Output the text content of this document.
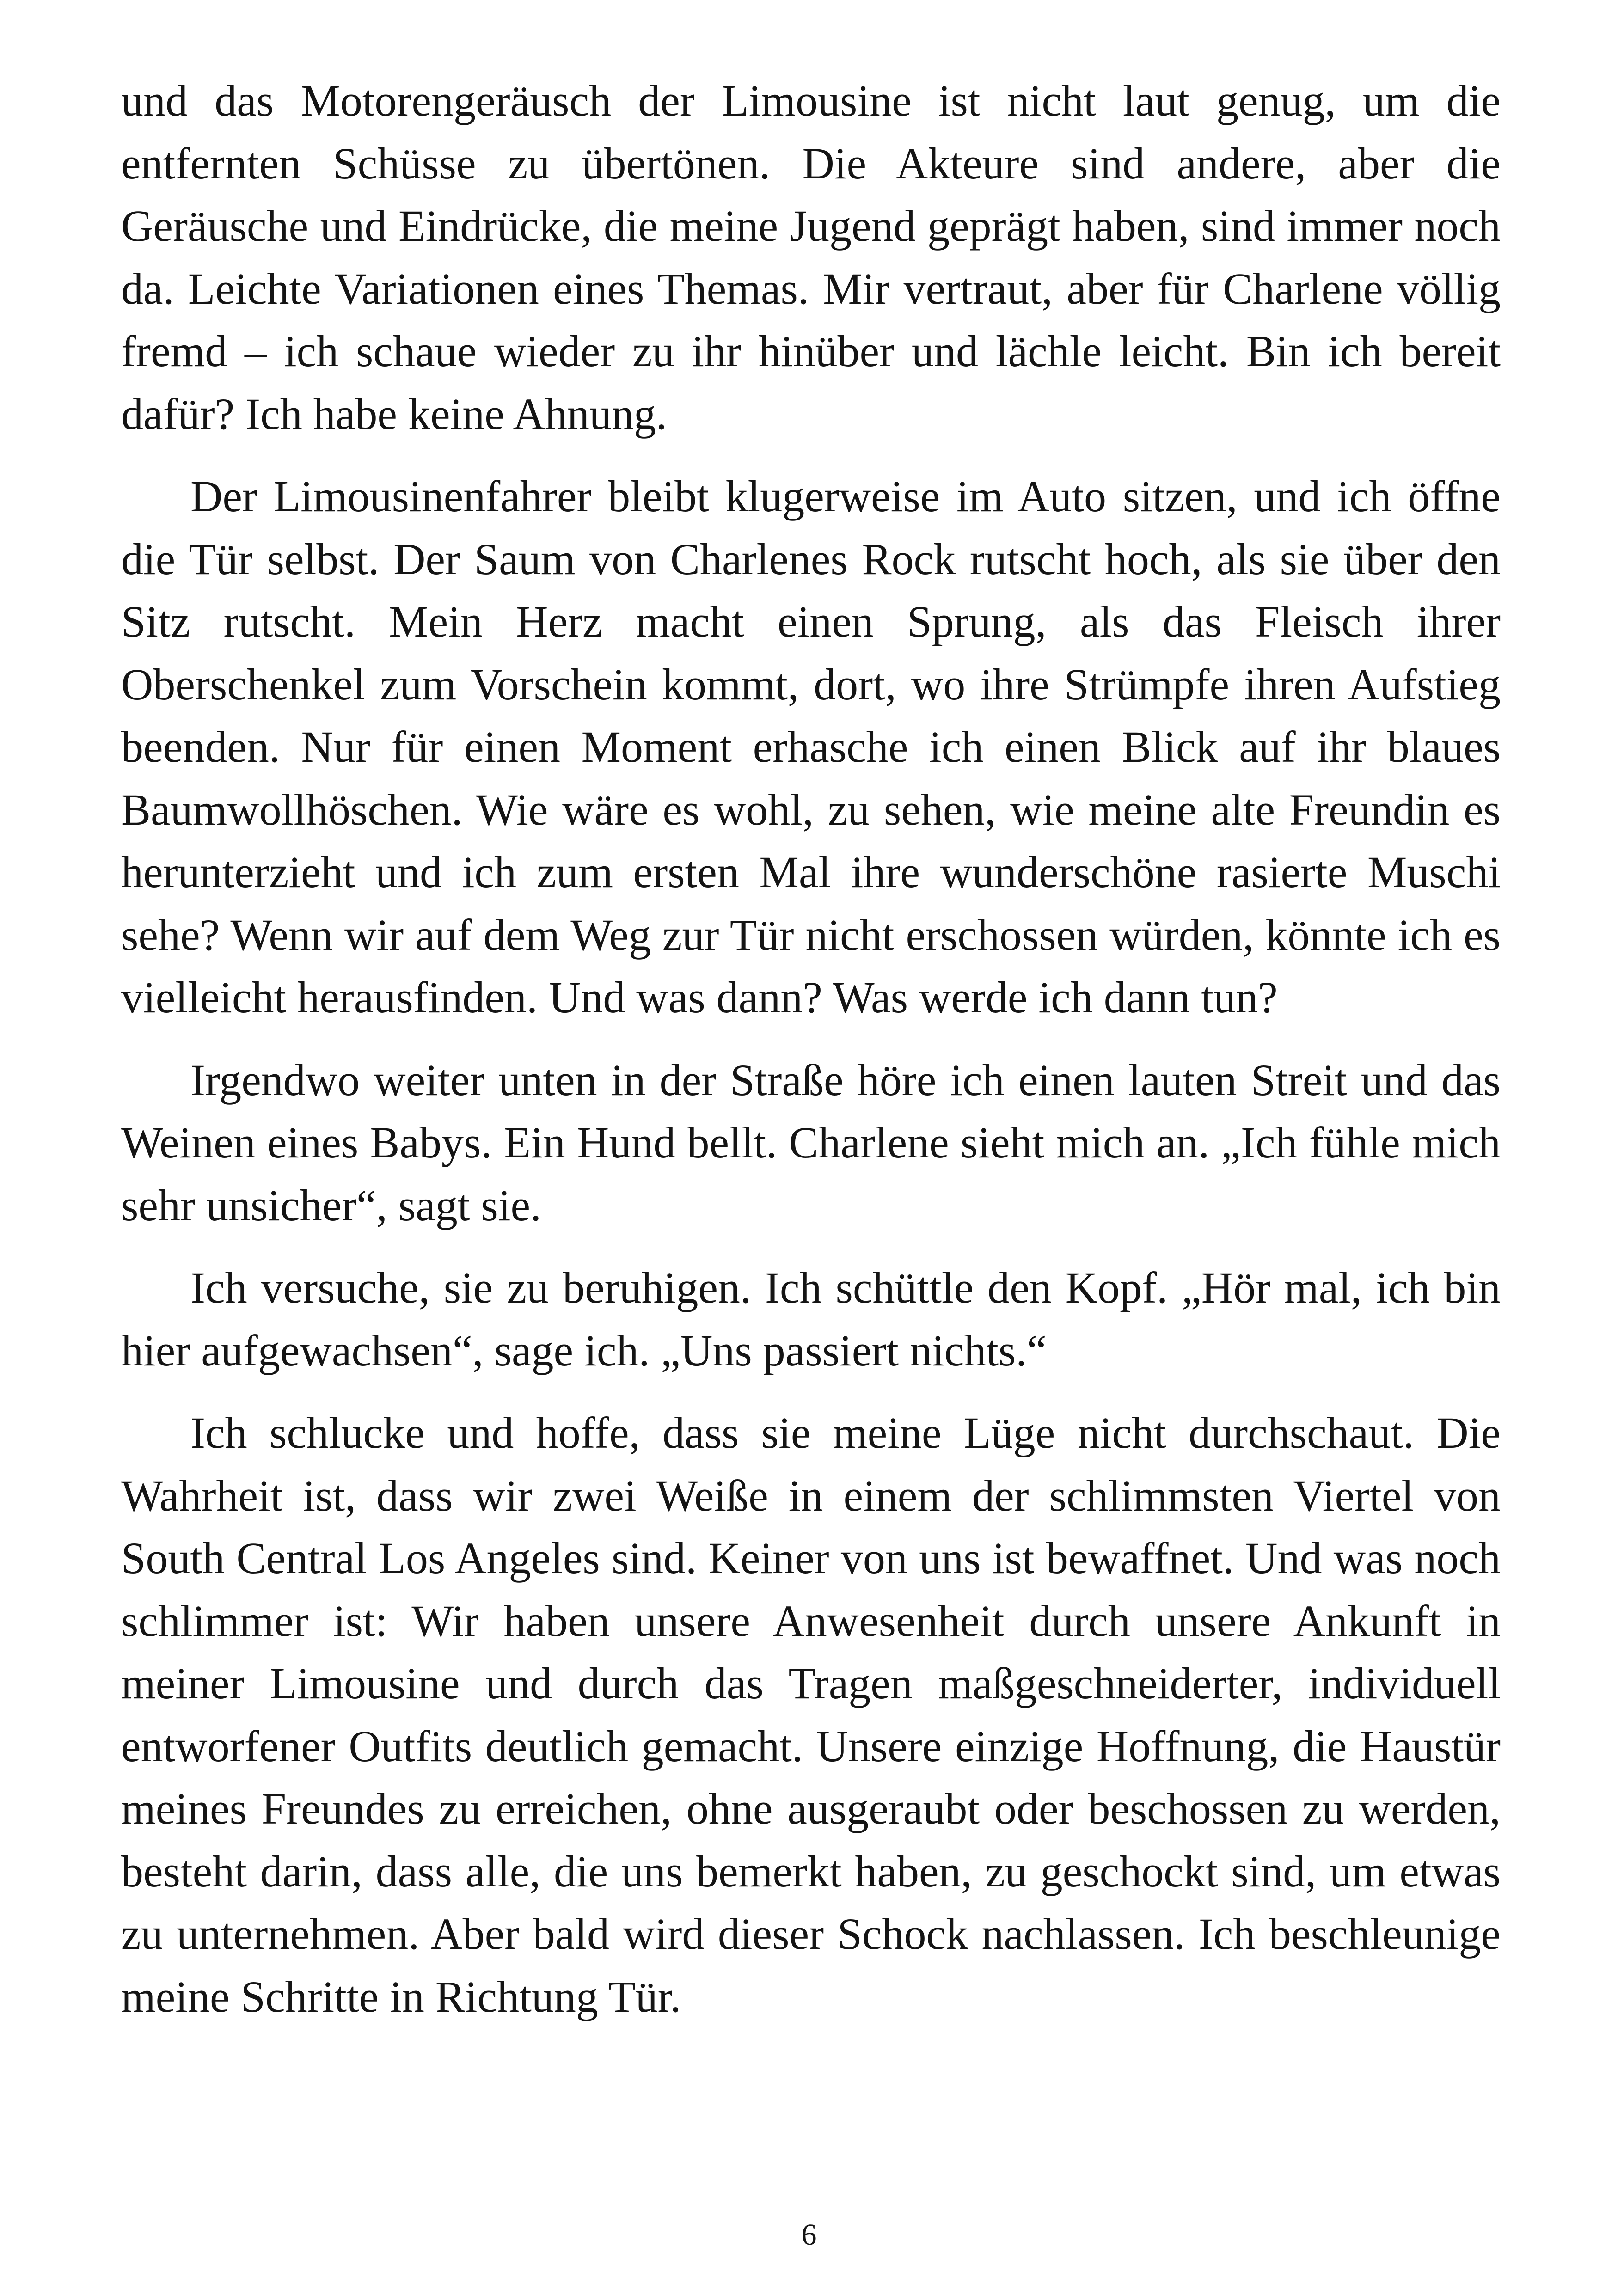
und das Motorengeräusch der Limousine ist nicht laut genug, um die entfernten Schüsse zu übertönen. Die Akteure sind andere, aber die Geräusche und Eindrücke, die meine Jugend geprägt haben, sind immer noch da. Leichte Variationen eines Themas. Mir vertraut, aber für Charlene völlig fremd – ich schaue wieder zu ihr hinüber und lächle leicht. Bin ich bereit dafür? Ich habe keine Ahnung.

Der Limousinenfahrer bleibt klugerweise im Auto sitzen, und ich öffne die Tür selbst. Der Saum von Charlenes Rock rutscht hoch, als sie über den Sitz rutscht. Mein Herz macht einen Sprung, als das Fleisch ihrer Oberschenkel zum Vorschein kommt, dort, wo ihre Strümpfe ihren Aufstieg beenden. Nur für einen Moment erhasche ich einen Blick auf ihr blaues Baumwollhöschen. Wie wäre es wohl, zu sehen, wie meine alte Freundin es herunterzieht und ich zum ersten Mal ihre wunderschöne rasierte Muschi sehe? Wenn wir auf dem Weg zur Tür nicht erschossen würden, könnte ich es vielleicht herausfinden. Und was dann? Was werde ich dann tun?

Irgendwo weiter unten in der Straße höre ich einen lauten Streit und das Weinen eines Babys. Ein Hund bellt. Charlene sieht mich an. „Ich fühle mich sehr unsicher“, sagt sie.

Ich versuche, sie zu beruhigen. Ich schüttle den Kopf. „Hör mal, ich bin hier aufgewachsen“, sage ich. „Uns passiert nichts.“

Ich schlucke und hoffe, dass sie meine Lüge nicht durchschaut. Die Wahrheit ist, dass wir zwei Weiße in einem der schlimmsten Viertel von South Central Los Angeles sind. Keiner von uns ist bewaffnet. Und was noch schlimmer ist: Wir haben unsere Anwesenheit durch unsere Ankunft in meiner Limousine und durch das Tragen maßgeschneiderter, individuell entworfener Outfits deutlich gemacht. Unsere einzige Hoffnung, die Haustür meines Freundes zu erreichen, ohne ausgeraubt oder beschossen zu werden, besteht darin, dass alle, die uns bemerkt haben, zu geschockt sind, um etwas zu unternehmen. Aber bald wird dieser Schock nachlassen. Ich beschleunige meine Schritte in Richtung Tür.

6
